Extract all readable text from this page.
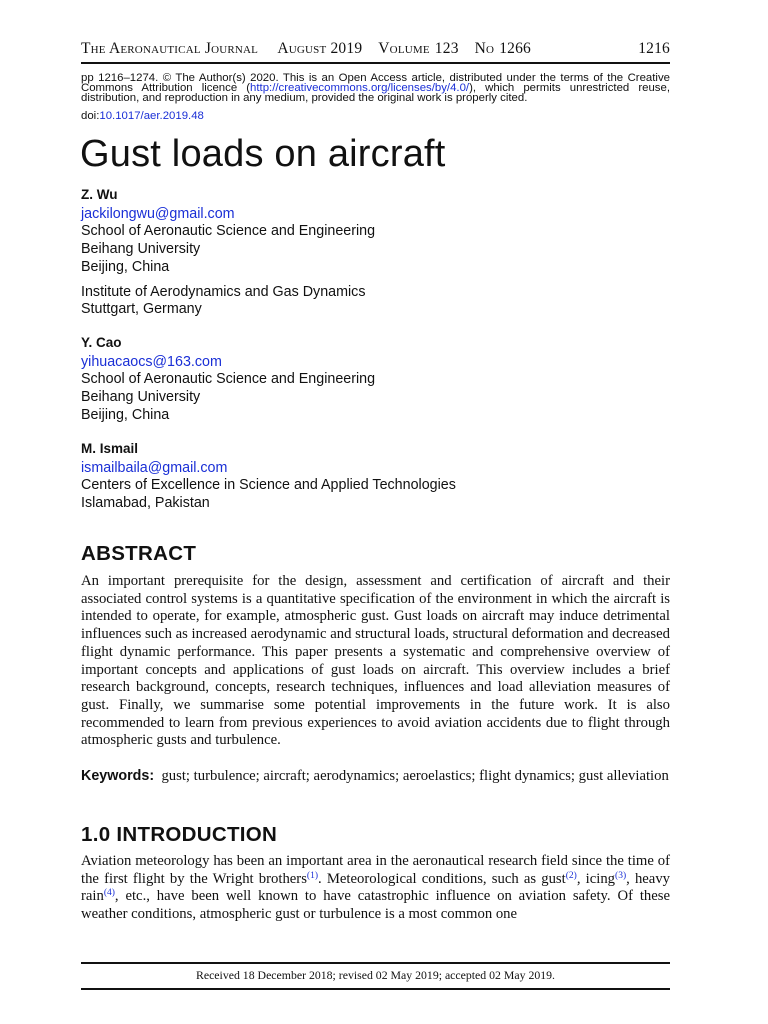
The Aeronautical Journal August 2019 Volume 123 No 1266	1216
pp 1216–1274. © The Author(s) 2020. This is an Open Access article, distributed under the terms of the Creative Commons Attribution licence (http://creativecommons.org/licenses/by/4.0/), which permits unrestricted reuse, distribution, and reproduction in any medium, provided the original work is properly cited.
doi:10.1017/aer.2019.48
Gust loads on aircraft
Z. Wu
jackilongwu@gmail.com
School of Aeronautic Science and Engineering
Beihang University
Beijing, China
Institute of Aerodynamics and Gas Dynamics
Stuttgart, Germany
Y. Cao
yihuacaocs@163.com
School of Aeronautic Science and Engineering
Beihang University
Beijing, China
M. Ismail
ismailbaila@gmail.com
Centers of Excellence in Science and Applied Technologies
Islamabad, Pakistan
ABSTRACT

An important prerequisite for the design, assessment and certification of aircraft and their associated control systems is a quantitative specification of the environment in which the aircraft is intended to operate, for example, atmospheric gust. Gust loads on aircraft may induce detrimental influences such as increased aerodynamic and structural loads, structural deformation and decreased flight dynamic performance. This paper presents a systematic and comprehensive overview of important concepts and applications of gust loads on aircraft. This overview includes a brief research background, concepts, research techniques, influences and load alleviation measures of gust. Finally, we summarise some potential improvements in the future work. It is also recommended to learn from previous experiences to avoid aviation accidents due to flight through atmospheric gusts and turbulence.

Keywords: gust; turbulence; aircraft; aerodynamics; aeroelastics; flight dynamics; gust alleviation

1.0 INTRODUCTION

Aviation meteorology has been an important area in the aeronautical research field since the time of the first flight by the Wright brothers$^{(1)}$. Meteorological conditions, such as gust$^{(2)}$, icing$^{(3)}$, heavy rain$^{(4)}$, etc., have been well known to have catastrophic influence on aviation safety. Of these weather conditions, atmospheric gust or turbulence is a most common one

Received 18 December 2018; revised 02 May 2019; accepted 02 May 2019.
